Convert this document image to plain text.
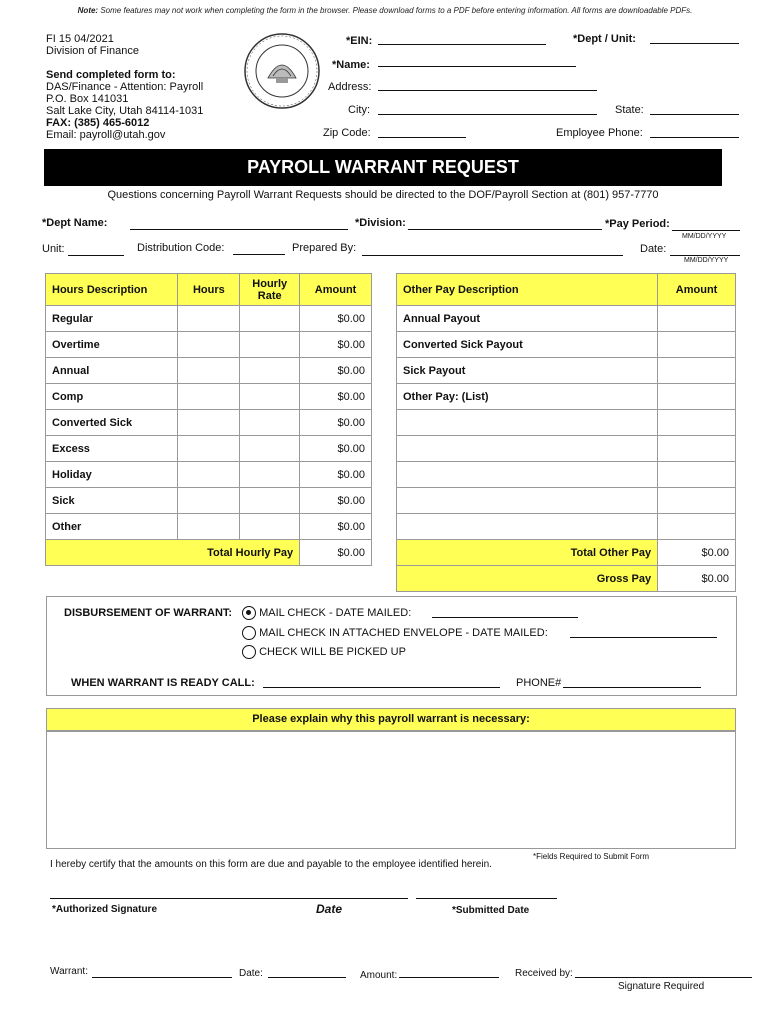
Note: Some features may not work when completing the form in the browser. Please download forms to a PDF before entering information. All forms are downloadable PDFs.
FI 15 04/2021
Division of Finance
Send completed form to:
DAS/Finance - Attention: Payroll
P.O. Box 141031
Salt Lake City, Utah 84114-1031
FAX: (385) 465-6012
Email: payroll@utah.gov
*EIN:	*Dept / Unit:
*Name:
Address:
City:	State:
Zip Code:	Employee Phone:
PAYROLL WARRANT REQUEST
Questions concerning Payroll Warrant Requests should be directed to the DOF/Payroll Section at (801) 957-7770
*Dept Name:	*Division:	*Pay Period:
MM/DD/YYYY
Unit:	Distribution Code:	Prepared By:	Date:
MM/DD/YYYY
Hours Description	Hours	Hourly Rate	Amount
Regular			$0.00
Overtime			$0.00
Annual			$0.00
Comp			$0.00
Converted Sick			$0.00
Excess			$0.00
Holiday			$0.00
Sick			$0.00
Other			$0.00
Total Hourly Pay			$0.00
Other Pay Description	Amount
Annual Payout	
Converted Sick Payout	
Sick Payout	
Other Pay: (List)	

Total Other Pay	$0.00
Gross Pay	$0.00
DISBURSEMENT OF WARRANT:	MAIL CHECK - DATE MAILED:
MAIL CHECK IN ATTACHED ENVELOPE - DATE MAILED:
CHECK WILL BE PICKED UP
WHEN WARRANT IS READY CALL:	PHONE#
Please explain why this payroll warrant is necessary:
*Fields Required to Submit Form
I hereby certify that the amounts on this form are due and payable to the employee identified herein.
*Authorized Signature	Date	*Submitted Date
Warrant:	Date:	Amount:	Received by:
Signature Required
